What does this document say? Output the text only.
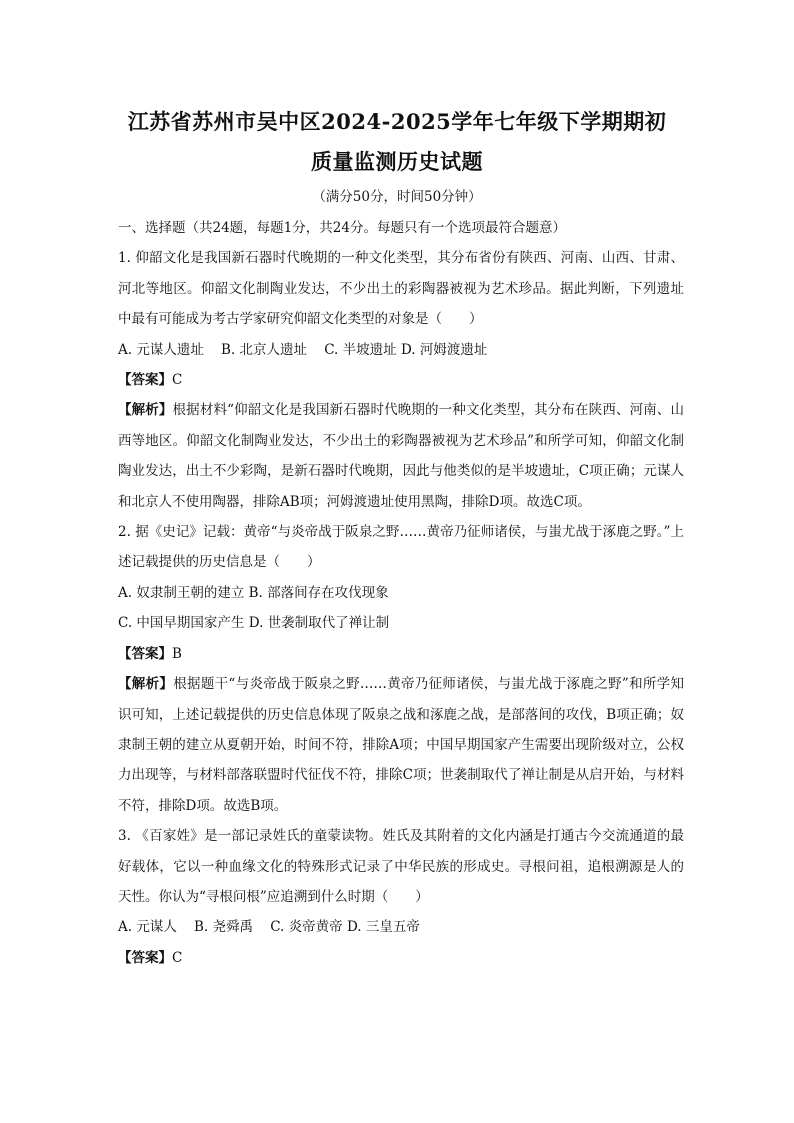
江苏省苏州市吴中区2024-2025学年七年级下学期期初
质量监测历史试题
（满分50分，时间50分钟）

一、选择题（共24题，每题1分，共24分。每题只有一个选项最符合题意）

1. 仰韶文化是我国新石器时代晚期的一种文化类型，其分布省份有陕西、河南、山西、甘肃、河北等地区。仰韶文化制陶业发达，不少出土的彩陶器被视为艺术珍品。据此判断，下列遗址中最有可能成为考古学家研究仰韶文化类型的对象是（　　）

A. 元谋人遗址 B. 北京人遗址 C. 半坡遗址 D. 河姆渡遗址

【答案】C

【解析】根据材料“仰韶文化是我国新石器时代晚期的一种文化类型，其分布在陕西、河南、山西等地区。仰韶文化制陶业发达，不少出土的彩陶器被视为艺术珍品”和所学可知，仰韶文化制陶业发达，出土不少彩陶，是新石器时代晚期，因此与他类似的是半坡遗址，C项正确；元谋人和北京人不使用陶器，排除AB项；河姆渡遗址使用黑陶，排除D项。故选C项。

2. 据《史记》记载：黄帝“与炎帝战于阪泉之野……黄帝乃征师诸侯，与蚩尤战于涿鹿之野。”上述记载提供的历史信息是（　　）

A. 奴隶制王朝的建立 B. 部落间存在攻伐现象

C. 中国早期国家产生 D. 世袭制取代了禅让制

【答案】B

【解析】根据题干“与炎帝战于阪泉之野……黄帝乃征师诸侯，与蚩尤战于涿鹿之野”和所学知识可知，上述记载提供的历史信息体现了阪泉之战和涿鹿之战，是部落间的攻伐，B项正确；奴隶制王朝的建立从夏朝开始，时间不符，排除A项；中国早期国家产生需要出现阶级对立，公权力出现等，与材料部落联盟时代征伐不符，排除C项；世袭制取代了禅让制是从启开始，与材料不符，排除D项。故选B项。

3. 《百家姓》是一部记录姓氏的童蒙读物。姓氏及其附着的文化内涵是打通古今交流通道的最好载体，它以一种血缘文化的特殊形式记录了中华民族的形成史。寻根问祖，追根溯源是人的天性。你认为“寻根问根”应追溯到什么时期（　　）

A. 元谋人 B. 尧舜禹 C. 炎帝黄帝 D. 三皇五帝

【答案】C
